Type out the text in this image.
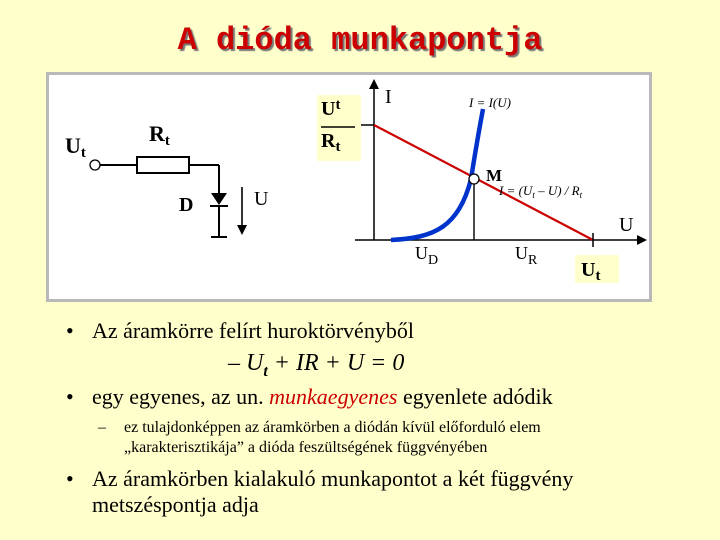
A dióda munkapontja
Ut
Rt
D	U
$U^t$
$R_t$
I
U
M
I = I(U)
$I = (U_t - U) / R_t$
$U_D$	$U_R$ $U_t$
• Az áramkörre felírt huroktörvényből
– $U_t$ + IR + U = 0
• egy egyenes, az un. munkaegyenes egyenlete adódik
– ez tulajdonképpen az áramkörben a diódán kívül előforduló elem
„karakterisztikája” a dióda feszültségének függvényében
• Az áramkörben kialakuló munkapontot a két függvény
metszéspontja adja
